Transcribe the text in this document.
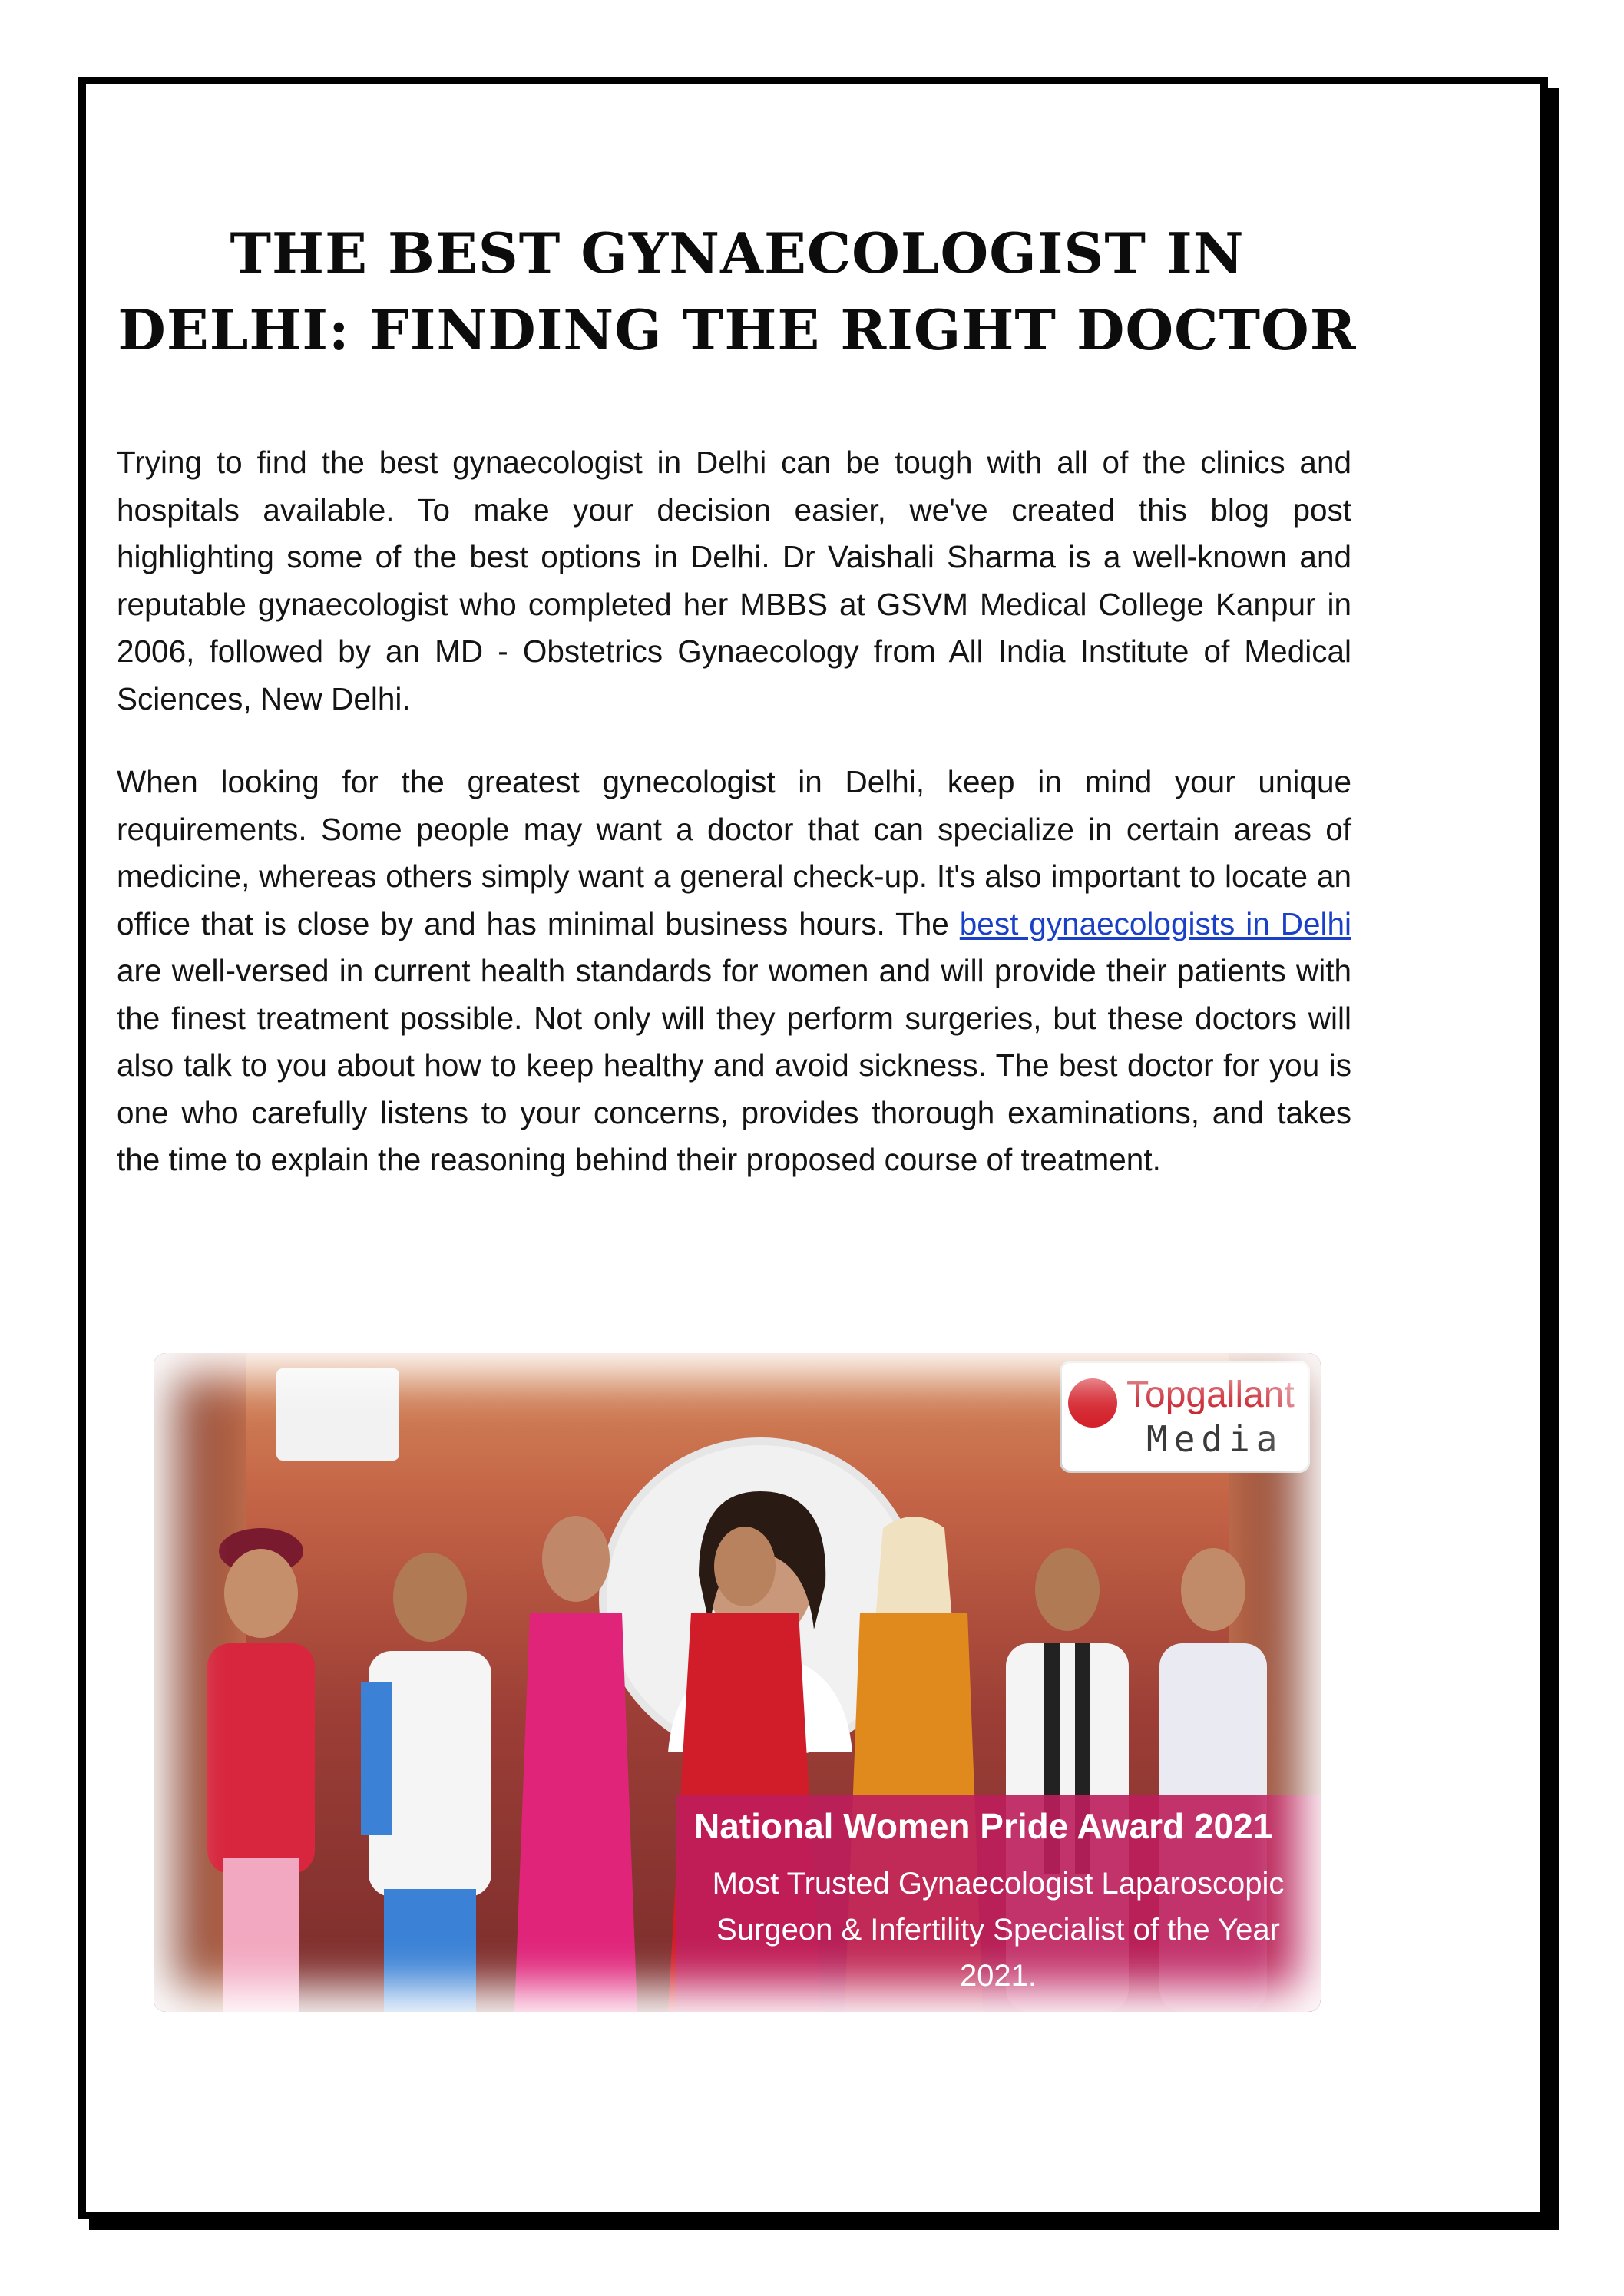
THE BEST GYNAECOLOGIST IN DELHI: FINDING THE RIGHT DOCTOR

Trying to find the best gynaecologist in Delhi can be tough with all of the clinics and hospitals available. To make your decision easier, we've created this blog post highlighting some of the best options in Delhi. Dr Vaishali Sharma is a well-known and reputable gynaecologist who completed her MBBS at GSVM Medical College Kanpur in 2006, followed by an MD - Obstetrics Gynaecology from All India Institute of Medical Sciences, New Delhi.

When looking for the greatest gynecologist in Delhi, keep in mind your unique requirements. Some people may want a doctor that can specialize in certain areas of medicine, whereas others simply want a general check-up. It's also important to locate an office that is close by and has minimal business hours. The best gynaecologists in Delhi are well-versed in current health standards for women and will provide their patients with the finest treatment possible. Not only will they perform surgeries, but these doctors will also talk to you about how to keep healthy and avoid sickness. The best doctor for you is one who carefully listens to your concerns, provides thorough examinations, and takes the time to explain the reasoning behind their proposed course of treatment.

Topgallant
Media

National Women Pride Award 2021

Most Trusted Gynaecologist Laparoscopic
Surgeon & Infertility Specialist of the Year 2021.
